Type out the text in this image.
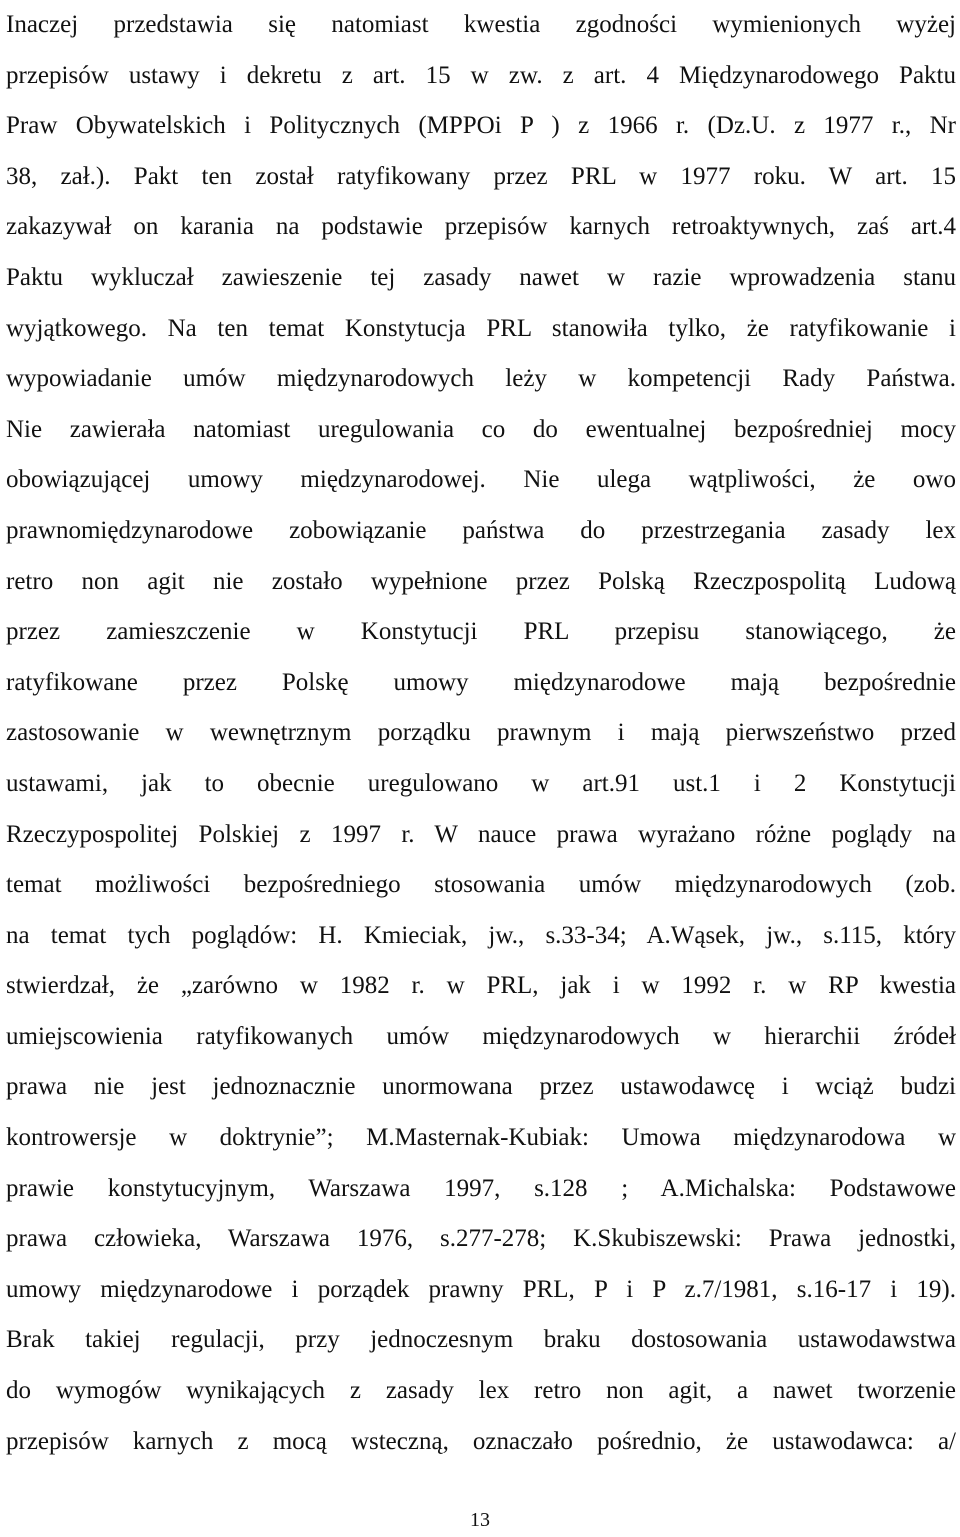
Inaczej przedstawia się natomiast kwestia zgodności wymienionych wyżej
przepisów ustawy i dekretu z art. 15 w zw. z art. 4 Międzynarodowego Paktu
Praw Obywatelskich i Politycznych (MPPOi P ) z 1966 r. (Dz.U. z 1977 r., Nr
38, zał.). Pakt ten został ratyfikowany przez PRL w 1977 roku. W art. 15
zakazywał on karania na podstawie przepisów karnych retroaktywnych, zaś art.4
Paktu wykluczał zawieszenie tej zasady nawet w razie wprowadzenia stanu
wyjątkowego. Na ten temat Konstytucja PRL stanowiła tylko, że ratyfikowanie i
wypowiadanie umów międzynarodowych leży w kompetencji Rady Państwa.
Nie zawierała natomiast uregulowania co do ewentualnej bezpośredniej mocy
obowiązującej umowy międzynarodowej. Nie ulega wątpliwości, że owo
prawnomiędzynarodowe zobowiązanie państwa do przestrzegania zasady lex
retro non agit nie zostało wypełnione przez Polską Rzeczpospolitą Ludową
przez zamieszczenie w Konstytucji PRL przepisu stanowiącego, że
ratyfikowane przez Polskę umowy międzynarodowe mają bezpośrednie
zastosowanie w wewnętrznym porządku prawnym i mają pierwszeństwo przed
ustawami, jak to obecnie uregulowano w art.91 ust.1 i 2 Konstytucji
Rzeczypospolitej Polskiej z 1997 r. W nauce prawa wyrażano różne poglądy na
temat możliwości bezpośredniego stosowania umów międzynarodowych (zob.
na temat tych poglądów: H. Kmieciak, jw., s.33-34; A.Wąsek, jw., s.115, który
stwierdzał, że „zarówno w 1982 r. w PRL, jak i w 1992 r. w RP kwestia
umiejscowienia ratyfikowanych umów międzynarodowych w hierarchii źródeł
prawa nie jest jednoznacznie unormowana przez ustawodawcę i wciąż budzi
kontrowersje w doktrynie”; M.Masternak-Kubiak: Umowa międzynarodowa w
prawie konstytucyjnym, Warszawa 1997, s.128 ; A.Michalska: Podstawowe
prawa człowieka, Warszawa 1976, s.277-278; K.Skubiszewski: Prawa jednostki,
umowy międzynarodowe i porządek prawny PRL, P i P z.7/1981, s.16-17 i 19).
Brak takiej regulacji, przy jednoczesnym braku dostosowania ustawodawstwa
do wymogów wynikających z zasady lex retro non agit, a nawet tworzenie
przepisów karnych z mocą wsteczną, oznaczało pośrednio, że ustawodawca: a/
13
